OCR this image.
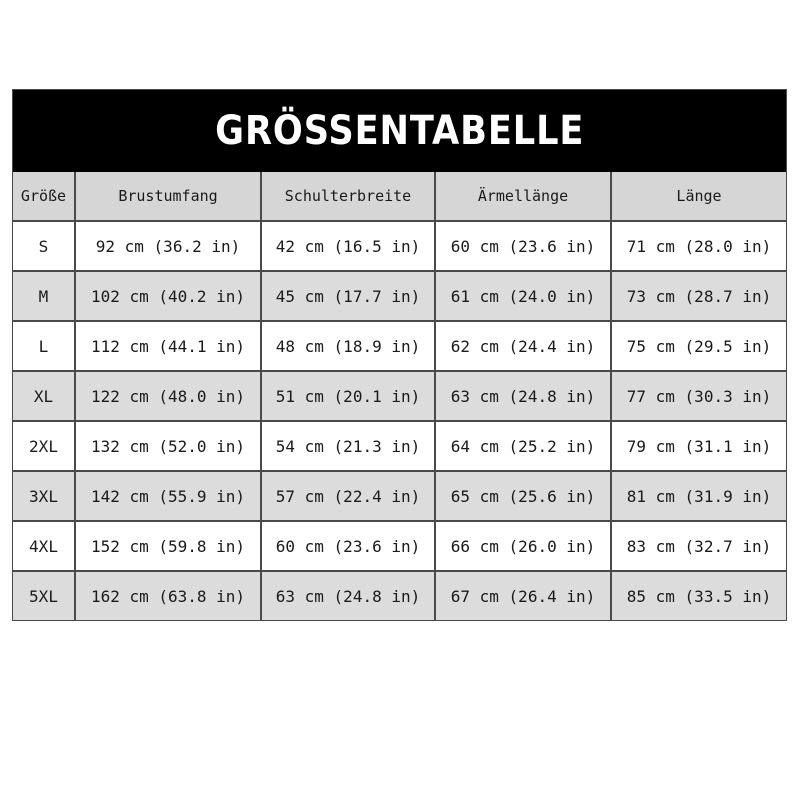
GRÖSSENTABELLE
Größe	Brustumfang	Schulterbreite	Ärmellänge	Länge
S	92 cm (36.2 in)	42 cm (16.5 in)	60 cm (23.6 in)	71 cm (28.0 in)
M	102 cm (40.2 in)	45 cm (17.7 in)	61 cm (24.0 in)	73 cm (28.7 in)
L	112 cm (44.1 in)	48 cm (18.9 in)	62 cm (24.4 in)	75 cm (29.5 in)
XL	122 cm (48.0 in)	51 cm (20.1 in)	63 cm (24.8 in)	77 cm (30.3 in)
2XL	132 cm (52.0 in)	54 cm (21.3 in)	64 cm (25.2 in)	79 cm (31.1 in)
3XL	142 cm (55.9 in)	57 cm (22.4 in)	65 cm (25.6 in)	81 cm (31.9 in)
4XL	152 cm (59.8 in)	60 cm (23.6 in)	66 cm (26.0 in)	83 cm (32.7 in)
5XL	162 cm (63.8 in)	63 cm (24.8 in)	67 cm (26.4 in)	85 cm (33.5 in)
